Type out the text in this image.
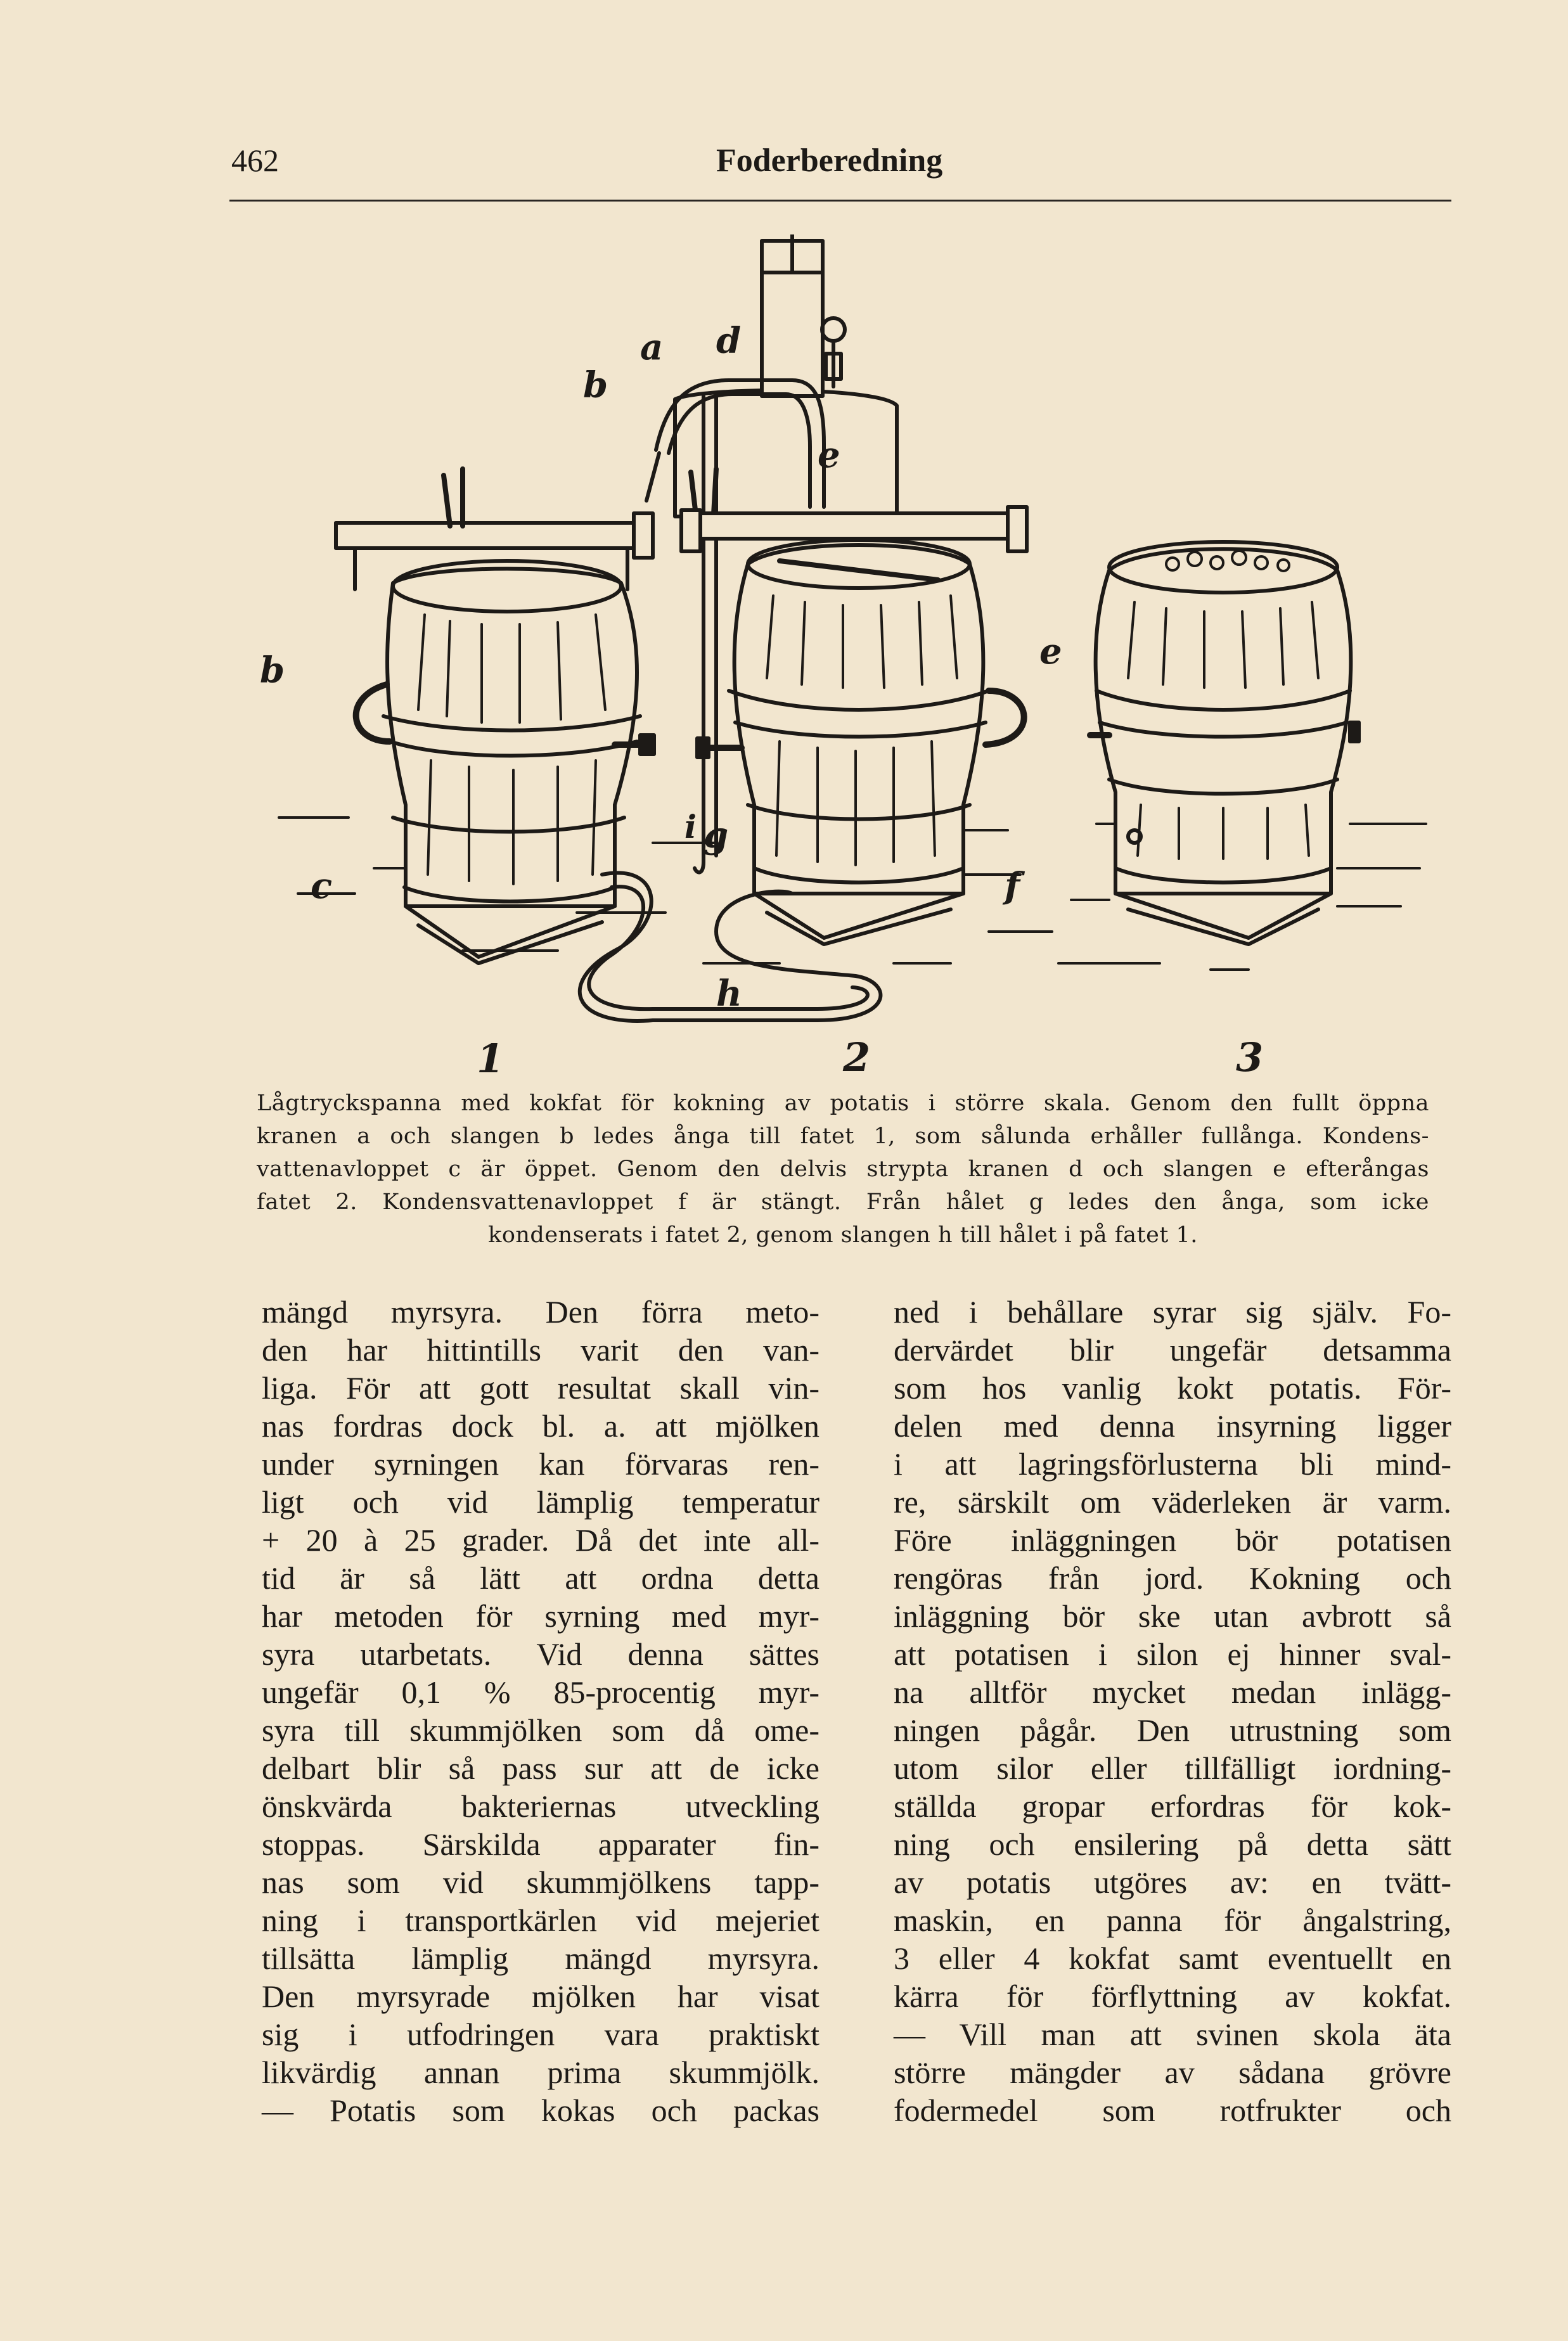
462	Foderberedning
a d
b
e
b	e
i g
c	f
h
1	2	3

Lågtryckspanna med kokfat för kokning av potatis i större skala. Genom den fullt öppna

kranen a och slangen b ledes ånga till fatet 1, som sålunda erhåller fullånga. Kondens-

vattenavloppet c är öppet. Genom den delvis strypta kranen d och slangen e efterångas

fatet 2. Kondensvattenavloppet f är stängt. Från hålet g ledes den ånga, som icke

kondenserats i fatet 2, genom slangen h till hålet i på fatet 1.

mängd myrsyra. Den förra meto-
den har hittintills varit den van-
liga. För att gott resultat skall vin-
nas fordras dock bl. a. att mjölken
under syrningen kan förvaras ren-
ligt och vid lämplig temperatur
+ 20 à 25 grader. Då det inte all-
tid är så lätt att ordna detta
har metoden för syrning med myr-
syra utarbetats. Vid denna sättes
ungefär 0,1 % 85-procentig myr-
syra till skummjölken som då ome-
delbart blir så pass sur att de icke
önskvärda bakteriernas utveckling
stoppas. Särskilda apparater fin-
nas som vid skummjölkens tapp-
ning i transportkärlen vid mejeriet
tillsätta lämplig mängd myrsyra.
Den myrsyrade mjölken har visat
sig i utfodringen vara praktiskt
likvärdig annan prima skummjölk.
— Potatis som kokas och packas
ned i behållare syrar sig själv. Fo-
dervärdet blir ungefär detsamma
som hos vanlig kokt potatis. För-
delen med denna insyrning ligger
i att lagringsförlusterna bli mind-
re, särskilt om väderleken är varm.
Före inläggningen bör potatisen
rengöras från jord. Kokning och
inläggning bör ske utan avbrott så
att potatisen i silon ej hinner sval-
na alltför mycket medan inlägg-
ningen pågår. Den utrustning som
utom silor eller tillfälligt iordning-
ställda gropar erfordras för kok-
ning och ensilering på detta sätt
av potatis utgöres av: en tvätt-
maskin, en panna för ångalstring,
3 eller 4 kokfat samt eventuellt en
kärra för förflyttning av kokfat.
— Vill man att svinen skola äta
större mängder av sådana grövre
fodermedel som rotfrukter och
